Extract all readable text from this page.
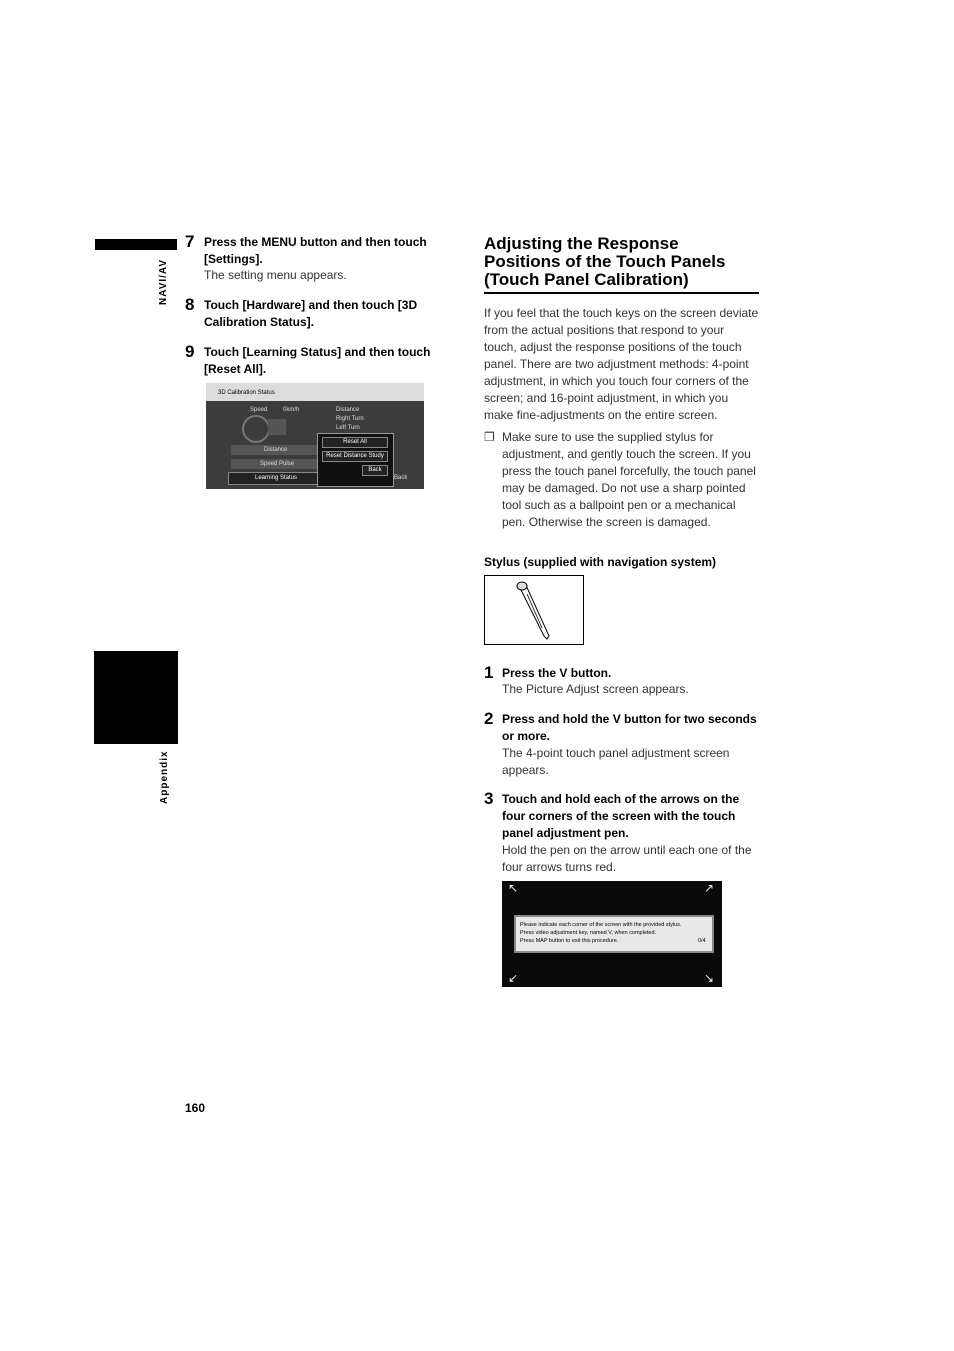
NAVI/AV
Appendix
7 Press the MENU button and then touch [Settings].
The setting menu appears.
8 Touch [Hardware] and then touch [3D Calibration Status].
9 Touch [Learning Status] and then touch [Reset All].
3D Calibration Status
Speed	0km/h	Distance
Right Turn
Left Turn
Distance
Speed Pulse
Learning Status
Reset All
Reset Distance Study
Back
Back
Adjusting the Response Positions of the Touch Panels (Touch Panel Calibration)
If you feel that the touch keys on the screen deviate from the actual positions that respond to your touch, adjust the response positions of the touch panel. There are two adjustment methods: 4-point adjustment, in which you touch four corners of the screen; and 16-point adjustment, in which you make fine-adjustments on the entire screen.
❒ Make sure to use the supplied stylus for adjustment, and gently touch the screen. If you press the touch panel forcefully, the touch panel may be damaged. Do not use a sharp pointed tool such as a ballpoint pen or a mechanical pen. Otherwise the screen is damaged.
Stylus (supplied with navigation system)
1 Press the V button.
The Picture Adjust screen appears.
2 Press and hold the V button for two seconds or more.
The 4-point touch panel adjustment screen appears.
3 Touch and hold each of the arrows on the four corners of the screen with the touch panel adjustment pen.
Hold the pen on the arrow until each one of the four arrows turns red.
↖	↗
↙	↘
Please indicate each corner of the screen with the provided stylus.
Press video adjustment key, named V, when completed.
Press MAP button to exit this procedure.	0/4
160
